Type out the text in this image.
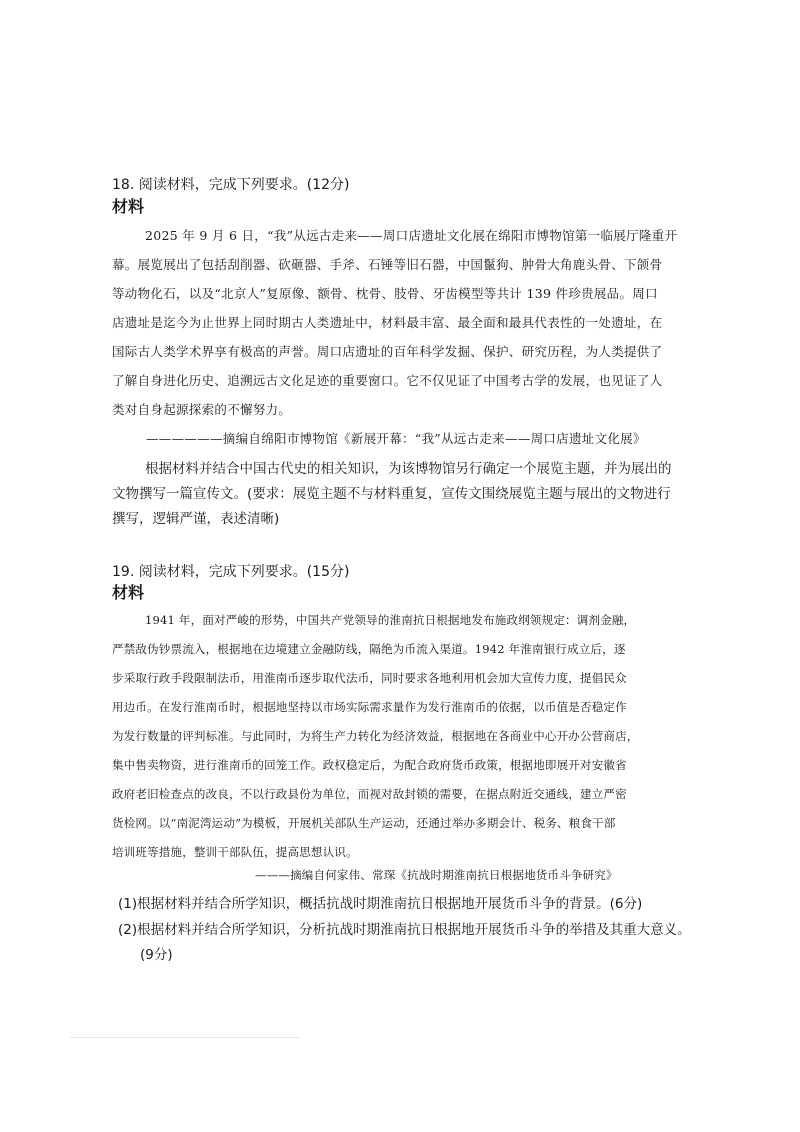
18. 阅读材料，完成下列要求。(12分)
材料
2025 年 9 月 6 日，“我”从远古走来——周口店遗址文化展在绵阳市博物馆第一临展厅隆重开
幕。展览展出了包括刮削器、砍砸器、手斧、石锤等旧石器，中国鬣狗、肿骨大角鹿头骨、下颌骨
等动物化石，以及“北京人”复原像、额骨、枕骨、肢骨、牙齿模型等共计 139 件珍贵展品。周口
店遗址是迄今为止世界上同时期古人类遗址中，材料最丰富、最全面和最具代表性的一处遗址，在
国际古人类学术界享有极高的声誉。周口店遗址的百年科学发掘、保护、研究历程，为人类提供了
了解自身进化历史、追溯远古文化足迹的重要窗口。它不仅见证了中国考古学的发展，也见证了人
类对自身起源探索的不懈努力。
——————摘编自绵阳市博物馆《新展开幕：“我”从远古走来——周口店遗址文化展》
根据材料并结合中国古代史的相关知识，为该博物馆另行确定一个展览主题，并为展出的
文物撰写一篇宣传文。(要求：展览主题不与材料重复，宣传文围绕展览主题与展出的文物进行
撰写，逻辑严谨，表述清晰)
19. 阅读材料，完成下列要求。(15分)
材料
1941 年，面对严峻的形势，中国共产党领导的淮南抗日根据地发布施政纲领规定：调剂金融，
严禁敌伪钞票流入，根据地在边境建立金融防线，隔绝为币流入渠道。1942 年淮南银行成立后，逐
步采取行政手段限制法币，用淮南币逐步取代法币，同时要求各地利用机会加大宣传力度，提倡民众
用边币。在发行淮南币时，根据地坚持以市场实际需求量作为发行淮南币的依据，以币值是否稳定作
为发行数量的评判标准。与此同时，为将生产力转化为经济效益，根据地在各商业中心开办公营商店，
集中售卖物资，进行淮南币的回笼工作。政权稳定后，为配合政府货币政策，根据地即展开对安徽省
政府老旧检查点的改良，不以行政县份为单位，而视对敌封锁的需要，在据点附近交通线，建立严密
货检网。以“南泥湾运动”为模板，开展机关部队生产运动，还通过举办多期会计、税务、粮食干部
培训班等措施，整训干部队伍，提高思想认识。
———摘编自何家伟、常琛《抗战时期淮南抗日根据地货币斗争研究》
(1)根据材料并结合所学知识，概括抗战时期淮南抗日根据地开展货币斗争的背景。(6分)
(2)根据材料并结合所学知识，分析抗战时期淮南抗日根据地开展货币斗争的举措及其重大意义。
(9分)
